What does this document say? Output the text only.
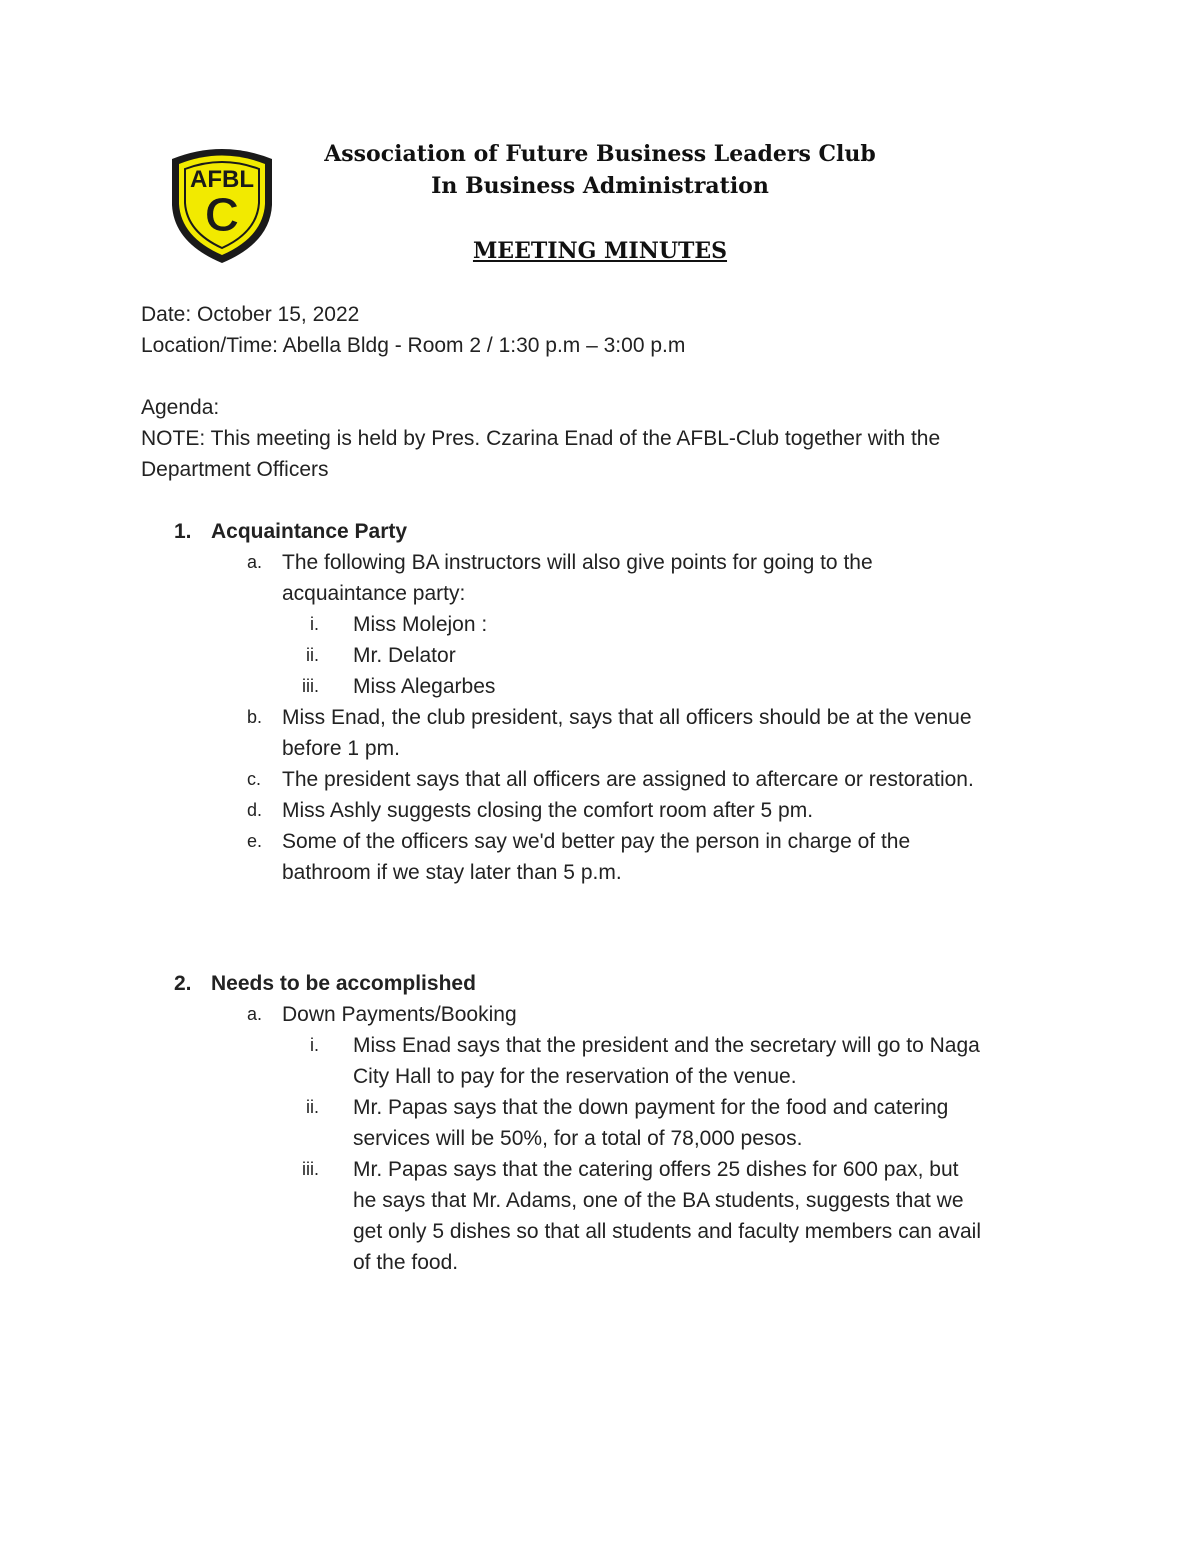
AFBL
C
Association of Future Business Leaders Club
In Business Administration
MEETING MINUTES

Date: October 15, 2022

Location/Time: Abella Bldg - Room 2 / 1:30 p.m – 3:00 p.m

Agenda:

NOTE: This meeting is held by Pres. Czarina Enad of the AFBL-Club together with the

Department Officers

1. Acquaintance Party
a. The following BA instructors will also give points for going to the
acquaintance party:
i. Miss Molejon :
ii. Mr. Delator
iii. Miss Alegarbes
b. Miss Enad, the club president, says that all officers should be at the venue
before 1 pm.
c. The president says that all officers are assigned to aftercare or restoration.
d. Miss Ashly suggests closing the comfort room after 5 pm.
e. Some of the officers say we'd better pay the person in charge of the
bathroom if we stay later than 5 p.m.
2. Needs to be accomplished
a. Down Payments/Booking
i. Miss Enad says that the president and the secretary will go to Naga
City Hall to pay for the reservation of the venue.
ii. Mr. Papas says that the down payment for the food and catering
services will be 50%, for a total of 78,000 pesos.
iii. Mr. Papas says that the catering offers 25 dishes for 600 pax, but
he says that Mr. Adams, one of the BA students, suggests that we
get only 5 dishes so that all students and faculty members can avail
of the food.
